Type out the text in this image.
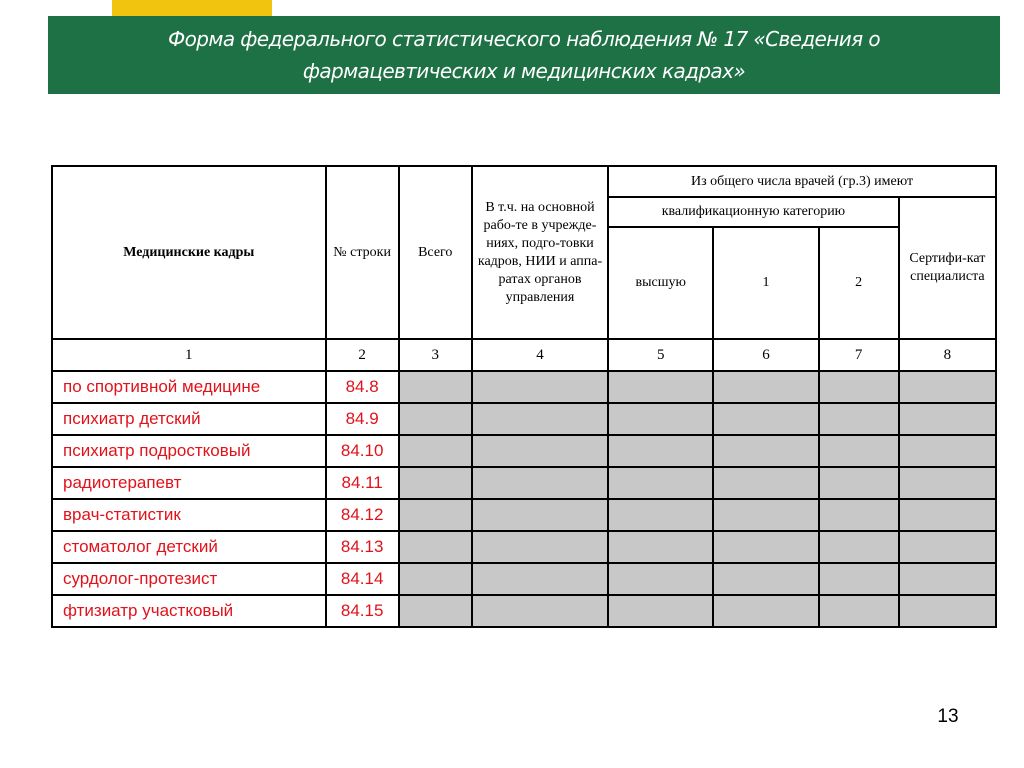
Форма федерального статистического наблюдения № 17 «Сведения о фармацевтических и медицинских кадрах»
Медицинские кадры	№ строки	Всего	В т.ч. на основной рабо-те в учрежде-ниях, подго-товки кадров, НИИ и аппа-ратах органов управления	Из общего числа врачей (гр.3) имеют			
				квалификационную категорию			Сертифи-кат специалиста
				высшую	1	2	
1	2	3	4	5	6	7	8
по спортивной медицине	84.8						
психиатр детский	84.9						
психиатр подростковый	84.10						
радиотерапевт	84.11						
врач-статистик	84.12						
стоматолог детский	84.13						
сурдолог-протезист	84.14						
фтизиатр участковый	84.15						
13
